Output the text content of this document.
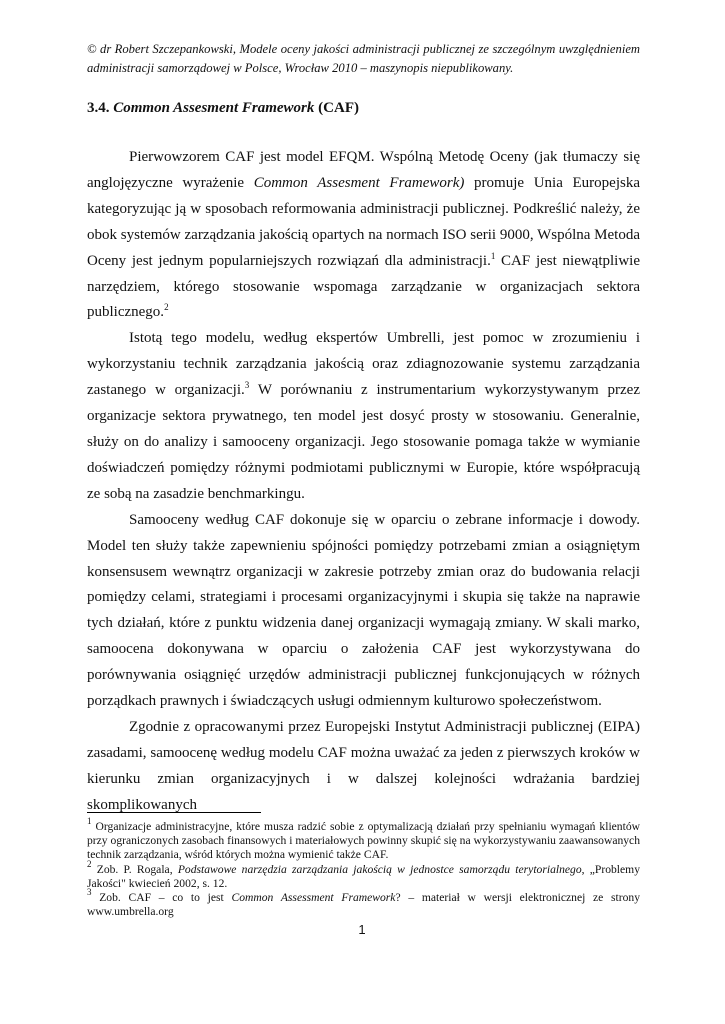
© dr Robert Szczepankowski, Modele oceny jakości administracji publicznej ze szczególnym uwzględnieniem administracji samorządowej w Polsce, Wrocław 2010 – maszynopis niepublikowany.
3.4. Common Assesment Framework (CAF)

Pierwowzorem CAF jest model EFQM. Wspólną Metodę Oceny (jak tłumaczy się anglojęzyczne wyrażenie Common Assesment Framework) promuje Unia Europejska kategoryzując ją w sposobach reformowania administracji publicznej. Podkreślić należy, że obok systemów zarządzania jakością opartych na normach ISO serii 9000, Wspólna Metoda Oceny jest jednym popularniejszych rozwiązań dla administracji.$^1$ CAF jest niewątpliwie narzędziem, którego stosowanie wspomaga zarządzanie w organizacjach sektora publicznego.$^2$

Istotą tego modelu, według ekspertów Umbrelli, jest pomoc w zrozumieniu i wykorzystaniu technik zarządzania jakością oraz zdiagnozowanie systemu zarządzania zastanego w organizacji.$^3$ W porównaniu z instrumentarium wykorzystywanym przez organizacje sektora prywatnego, ten model jest dosyć prosty w stosowaniu. Generalnie, służy on do analizy i samooceny organizacji. Jego stosowanie pomaga także w wymianie doświadczeń pomiędzy różnymi podmiotami publicznymi w Europie, które współpracują ze sobą na zasadzie benchmarkingu.

Samooceny według CAF dokonuje się w oparciu o zebrane informacje i dowody. Model ten służy także zapewnieniu spójności pomiędzy potrzebami zmian a osiągniętym konsensusem wewnątrz organizacji w zakresie potrzeby zmian oraz do budowania relacji pomiędzy celami, strategiami i procesami organizacyjnymi i skupia się także na naprawie tych działań, które z punktu widzenia danej organizacji wymagają zmiany. W skali marko, samoocena dokonywana w oparciu o założenia CAF jest wykorzystywana do porównywania osiągnięć urzędów administracji publicznej funkcjonujących w różnych porządkach prawnych i świadczących usługi odmiennym kulturowo społeczeństwom.

Zgodnie z opracowanymi przez Europejski Instytut Administracji publicznej (EIPA) zasadami, samoocenę według modelu CAF można uważać za jeden z pierwszych kroków w kierunku zmian organizacyjnych i w dalszej kolejności wdrażania bardziej skomplikowanych

$^1$ Organizacje administracyjne, które musza radzić sobie z optymalizacją działań przy spełnianiu wymagań klientów przy ograniczonych zasobach finansowych i materiałowych powinny skupić się na wykorzystywaniu zaawansowanych technik zarządzania, wśród których można wymienić także CAF.

$^2$ Zob. P. Rogala, Podstawowe narzędzia zarządzania jakością w jednostce samorządu terytorialnego, „Problemy Jakości" kwiecień 2002, s. 12.

$^3$ Zob. CAF – co to jest Common Assessment Framework? – materiał w wersji elektronicznej ze strony www.umbrella.org

1
